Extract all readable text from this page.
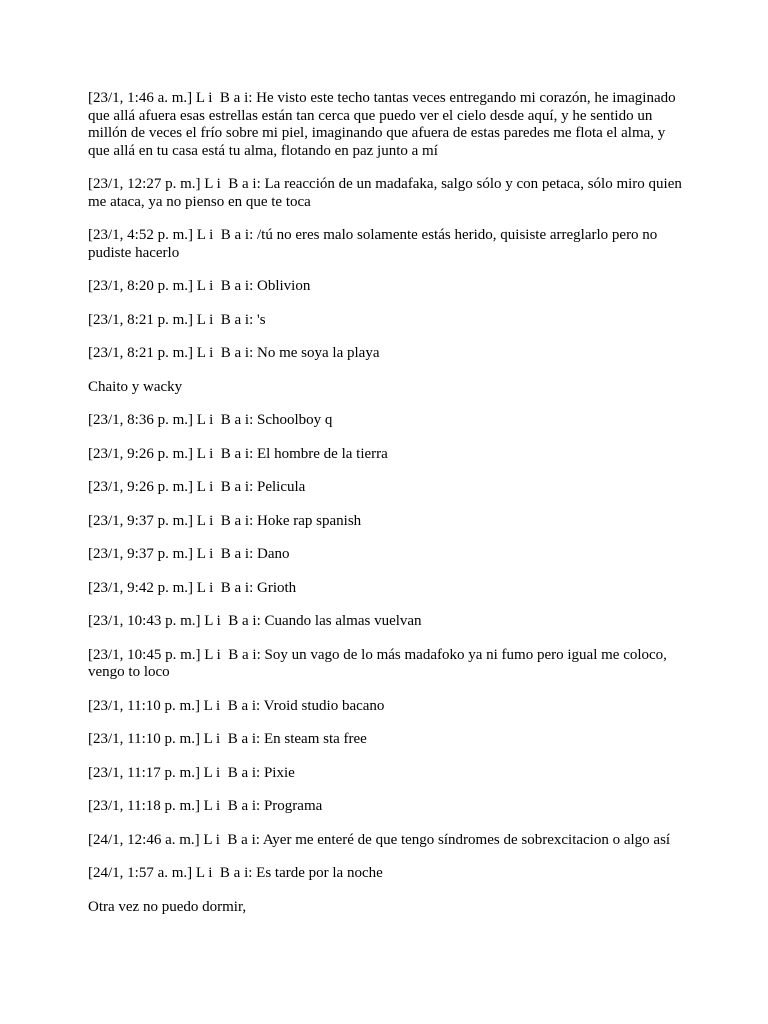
[23/1, 1:46 a. m.] L i  B a i: He visto este techo tantas veces entregando mi corazón, he imaginado que allá afuera esas estrellas están tan cerca que puedo ver el cielo desde aquí, y he sentido un millón de veces el frío sobre mi piel, imaginando que afuera de estas paredes me flota el alma, y que allá en tu casa está tu alma, flotando en paz junto a mí

[23/1, 12:27 p. m.] L i  B a i: La reacción de un madafaka, salgo sólo y con petaca, sólo miro quien me ataca, ya no pienso en que te toca

[23/1, 4:52 p. m.] L i  B a i: /tú no eres malo solamente estás herido, quisiste arreglarlo pero no pudiste hacerlo

[23/1, 8:20 p. m.] L i  B a i: Oblivion

[23/1, 8:21 p. m.] L i  B a i: 's

[23/1, 8:21 p. m.] L i  B a i: No me soya la playa

Chaito y wacky

[23/1, 8:36 p. m.] L i  B a i: Schoolboy q

[23/1, 9:26 p. m.] L i  B a i: El hombre de la tierra

[23/1, 9:26 p. m.] L i  B a i: Pelicula

[23/1, 9:37 p. m.] L i  B a i: Hoke rap spanish

[23/1, 9:37 p. m.] L i  B a i: Dano

[23/1, 9:42 p. m.] L i  B a i: Grioth

[23/1, 10:43 p. m.] L i  B a i: Cuando las almas vuelvan

[23/1, 10:45 p. m.] L i  B a i: Soy un vago de lo más madafoko ya ni fumo pero igual me coloco, vengo to loco

[23/1, 11:10 p. m.] L i  B a i: Vroid studio bacano

[23/1, 11:10 p. m.] L i  B a i: En steam sta free

[23/1, 11:17 p. m.] L i  B a i: Pixie

[23/1, 11:18 p. m.] L i  B a i: Programa

[24/1, 12:46 a. m.] L i  B a i: Ayer me enteré de que tengo síndromes de sobrexcitacion o algo así

[24/1, 1:57 a. m.] L i  B a i: Es tarde por la noche

Otra vez no puedo dormir,
